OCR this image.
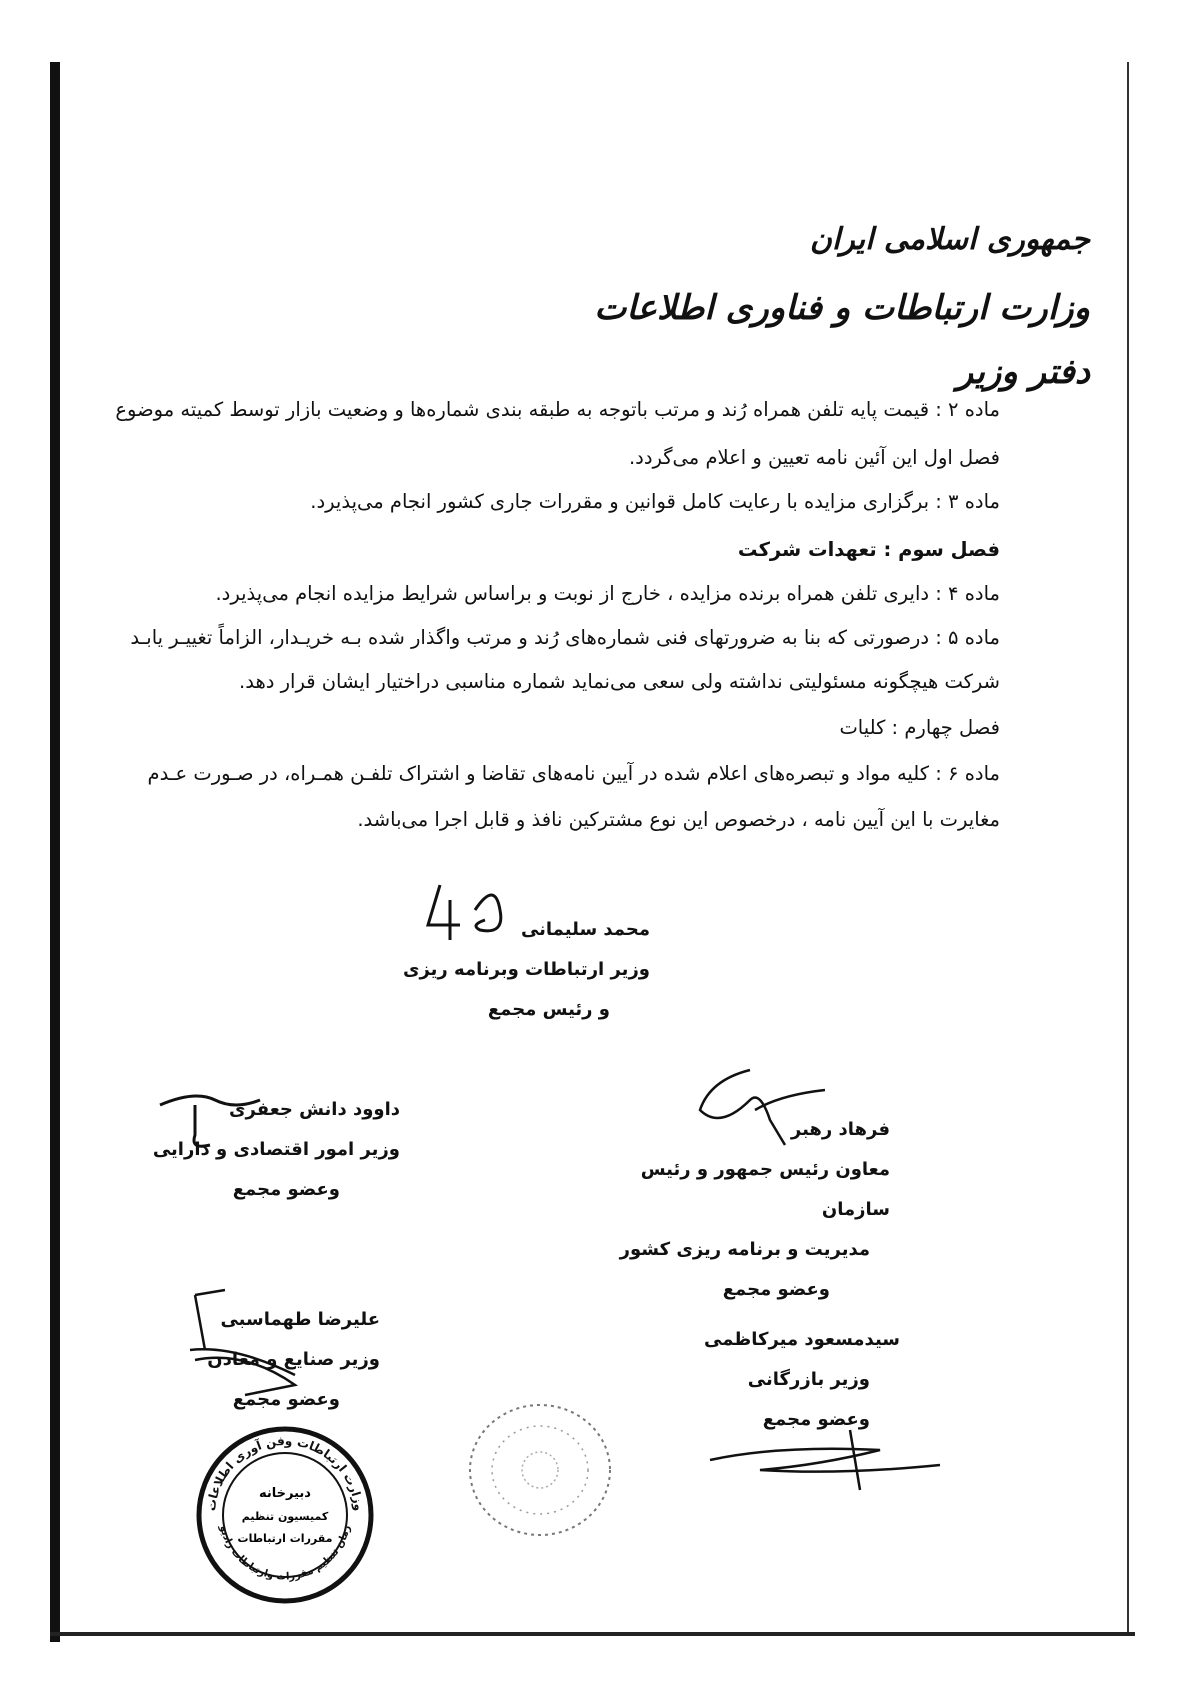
جمهوری اسلامی ایران
وزارت ارتباطات و فناوری اطلاعات
دفتر وزیر
ماده ۲ : قیمت پایه تلفن همراه رُند و مرتب باتوجه به طبقه بندی شماره‌ها و وضعیت بازار توسط کمیته موضوع
فصل اول این آئین نامه تعیین و اعلام می‌گردد.
ماده ۳ : برگزاری مزایده با رعایت کامل قوانین و مقررات جاری کشور انجام می‌پذیرد.
فصل سوم : تعهدات شرکت
ماده ۴ : دایری تلفن همراه برنده مزایده ، خارج از نوبت و براساس شرایط مزایده انجام می‌پذیرد.
ماده ۵ : درصورتی که بنا به ضرورتهای فنی شماره‌های رُند و مرتب واگذار شده بـه خریـدار، الزاماً تغییـر یابـد
شرکت هیچگونه مسئولیتی نداشته ولی سعی می‌نماید شماره مناسبی دراختیار ایشان قرار دهد.
فصل چهارم : کلیات
ماده ۶ : کلیه مواد و تبصره‌های اعلام شده در آیین نامه‌های تقاضا و اشتراک تلفـن همـراه، در صـورت عـدم
مغایرت با این آیین نامه ، درخصوص این نوع مشترکین نافذ و قابل اجرا می‌باشد.
محمد سلیمانی
وزیر ارتباطات وبرنامه ریزی
و رئیس مجمع
داوود دانش جعفری
وزیر امور اقتصادی و دارایی
وعضو مجمع
فرهاد رهبر
معاون رئیس جمهور و رئیس سازمان
مدیریت و برنامه ریزی کشور
وعضو مجمع
علیرضا طهماسبی
وزیر صنایع و معادن
وعضو مجمع
سیدمسعود میرکاظمی
وزیر بازرگانی
وعضو مجمع
وزارت ارتباطات وفن آوری اطلاعات
سازمان تنظیم مقررات وارتباطات رادیویی
دبیرخانه
کمیسیون تنظیم
مقررات ارتباطات
